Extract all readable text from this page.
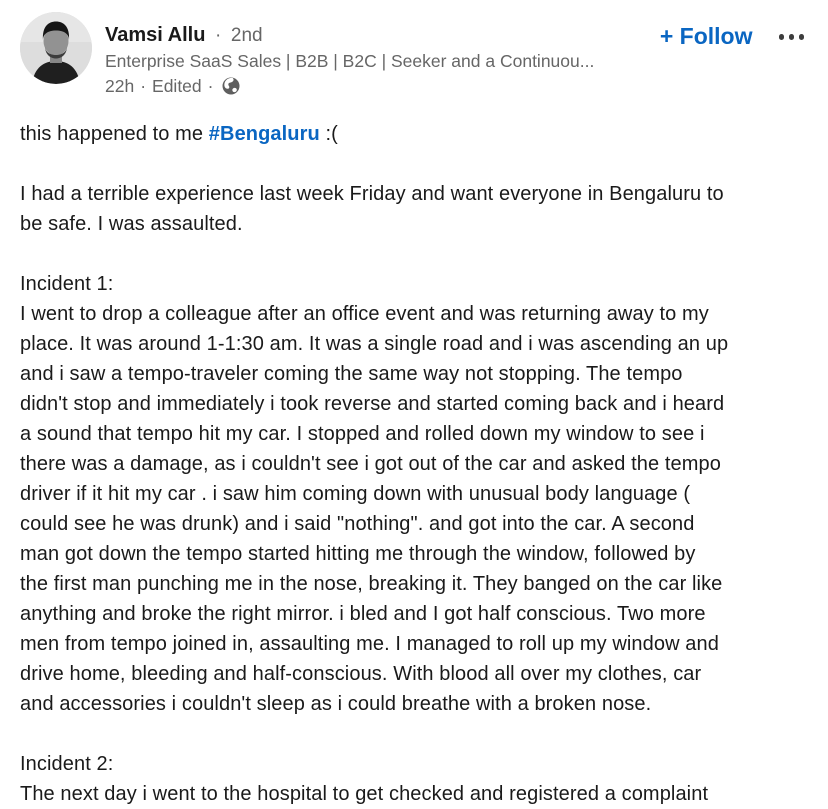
Vamsi Allu · 2nd
Enterprise SaaS Sales | B2B | B2C | Seeker and a Continuou...
22h · Edited ·
+ Follow
this happened to me #Bengaluru :(
I had a terrible experience last week Friday and want everyone in Bengaluru to
be safe. I was assaulted.
Incident 1:
I went to drop a colleague after an office event and was returning away to my
place. It was around 1-1:30 am. It was a single road and i was ascending an up
and i saw a tempo-traveler coming the same way not stopping. The tempo
didn't stop and immediately i took reverse and started coming back and i heard
a sound that tempo hit my car. I stopped and rolled down my window to see i
there was a damage, as i couldn't see i got out of the car and asked the tempo
driver if it hit my car . i saw him coming down with unusual body language (
could see he was drunk) and i said "nothing". and got into the car. A second
man got down the tempo started hitting me through the window, followed by
the first man punching me in the nose, breaking it. They banged on the car like
anything and broke the right mirror. i bled and I got half conscious. Two more
men from tempo joined in, assaulting me. I managed to roll up my window and
drive home, bleeding and half-conscious. With blood all over my clothes, car
and accessories i couldn't sleep as i could breathe with a broken nose.
Incident 2:
The next day i went to the hospital to get checked and registered a complaint
